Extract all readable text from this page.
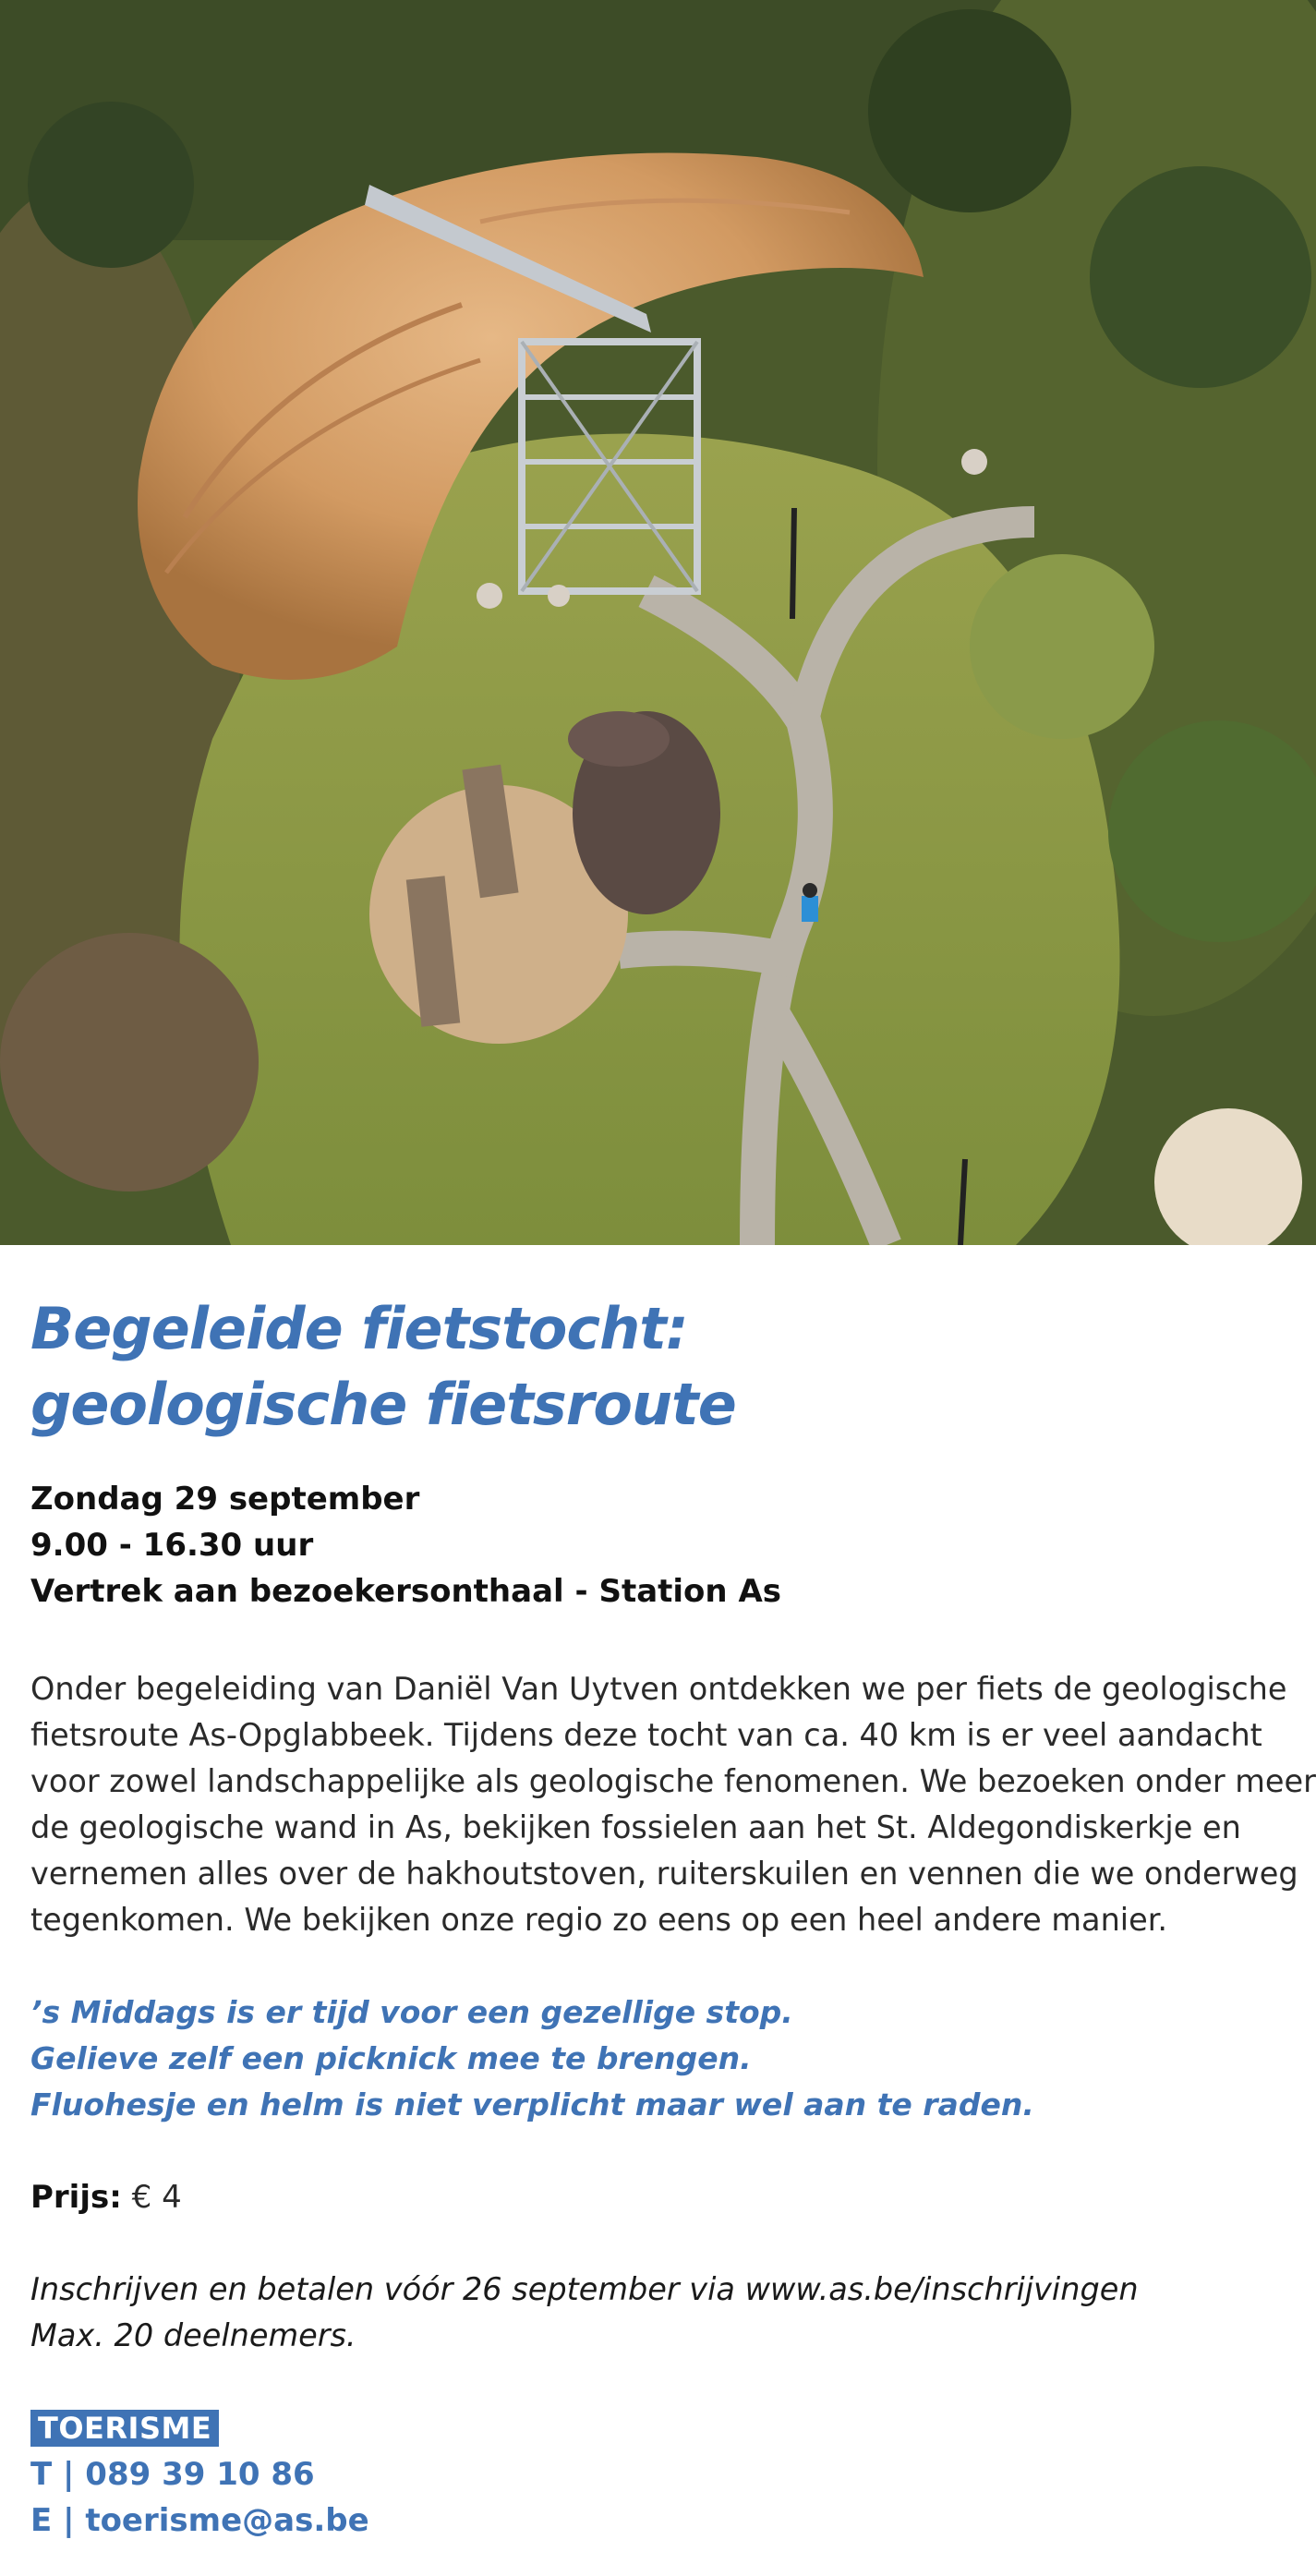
Begeleide fietstocht:
geologische fietsroute
Zondag 29 september
9.00 - 16.30 uur
Vertrek aan bezoekersonthaal - Station As
Onder begeleiding van Daniël Van Uytven ontdekken we per fiets de geologische
fietsroute As-Opglabbeek. Tijdens deze tocht van ca. 40 km is er veel aandacht
voor zowel landschappelijke als geologische fenomenen. We bezoeken onder meer
de geologische wand in As, bekijken fossielen aan het St. Aldegondiskerkje en
vernemen alles over de hakhoutstoven, ruiterskuilen en vennen die we onderweg
tegenkomen. We bekijken onze regio zo eens op een heel andere manier.
’s Middags is er tijd voor een gezellige stop.
Gelieve zelf een picknick mee te brengen.
Fluohesje en helm is niet verplicht maar wel aan te raden.
Prijs: € 4
Inschrijven en betalen vóór 26 september via www.as.be/inschrijvingen
Max. 20 deelnemers.
TOERISME
T | 089 39 10 86
E | toerisme@as.be
